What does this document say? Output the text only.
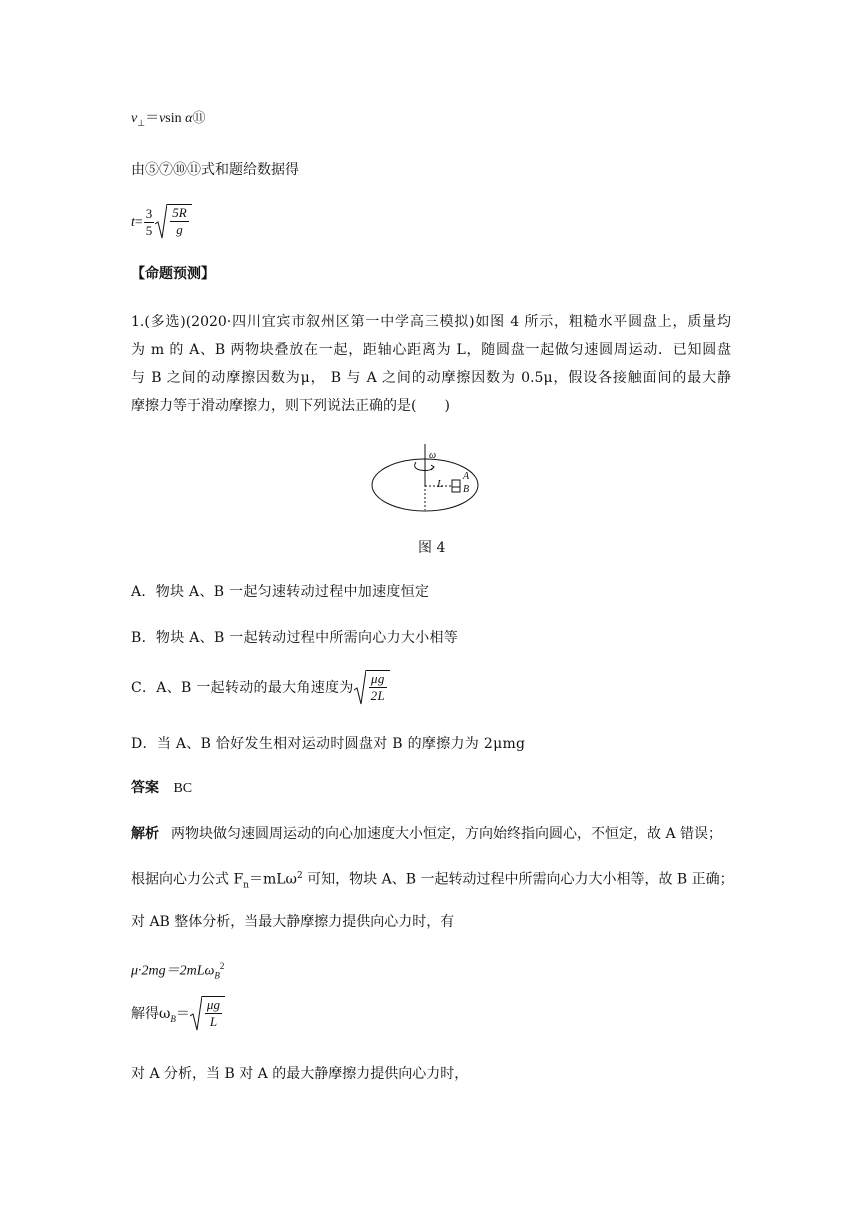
$v_\perp=vsin$ α⑪
由⑤⑦⑩⑪式和题给数据得
$t= \frac{3}{5} \frac{5R}{g}$
【命题预测】
1.(多选)(2020·四川宜宾市叙州区第一中学高三模拟)如图 4 所示，粗糙水平圆盘上，质量均
为 m 的 A、B 两物块叠放在一起，距轴心距离为 L，随圆盘一起做匀速圆周运动．已知圆盘
与 B 之间的动摩擦因数为μ， B 与 A 之间的动摩擦因数为 0.5μ，假设各接触面间的最大静
摩擦力等于滑动摩擦力，则下列说法正确的是(　　)
ω
L
A
B
图 4
A．物块 A、B 一起匀速转动过程中加速度恒定
B．物块 A、B 一起转动过程中所需向心力大小相等
C．A、B 一起转动的最大角速度为 $\frac{\mu g}{2L}$
D．当 A、B 恰好发生相对运动时圆盘对 B 的摩擦力为 2μmg
答案 BC
解析 两物块做匀速圆周运动的向心加速度大小恒定，方向始终指向圆心，不恒定，故 A 错误；
根据向心力公式 $F_n=mL\omega^2$ 可知，物块 A、B 一起转动过程中所需向心力大小相等，故 B 正确；
对 AB 整体分析，当最大静摩擦力提供向心力时，有
μ·2mg＝2mLω$_B^2$
解得$\omega_B= \frac{\mu g}{L}$
对 A 分析，当 B 对 A 的最大静摩擦力提供向心力时，
